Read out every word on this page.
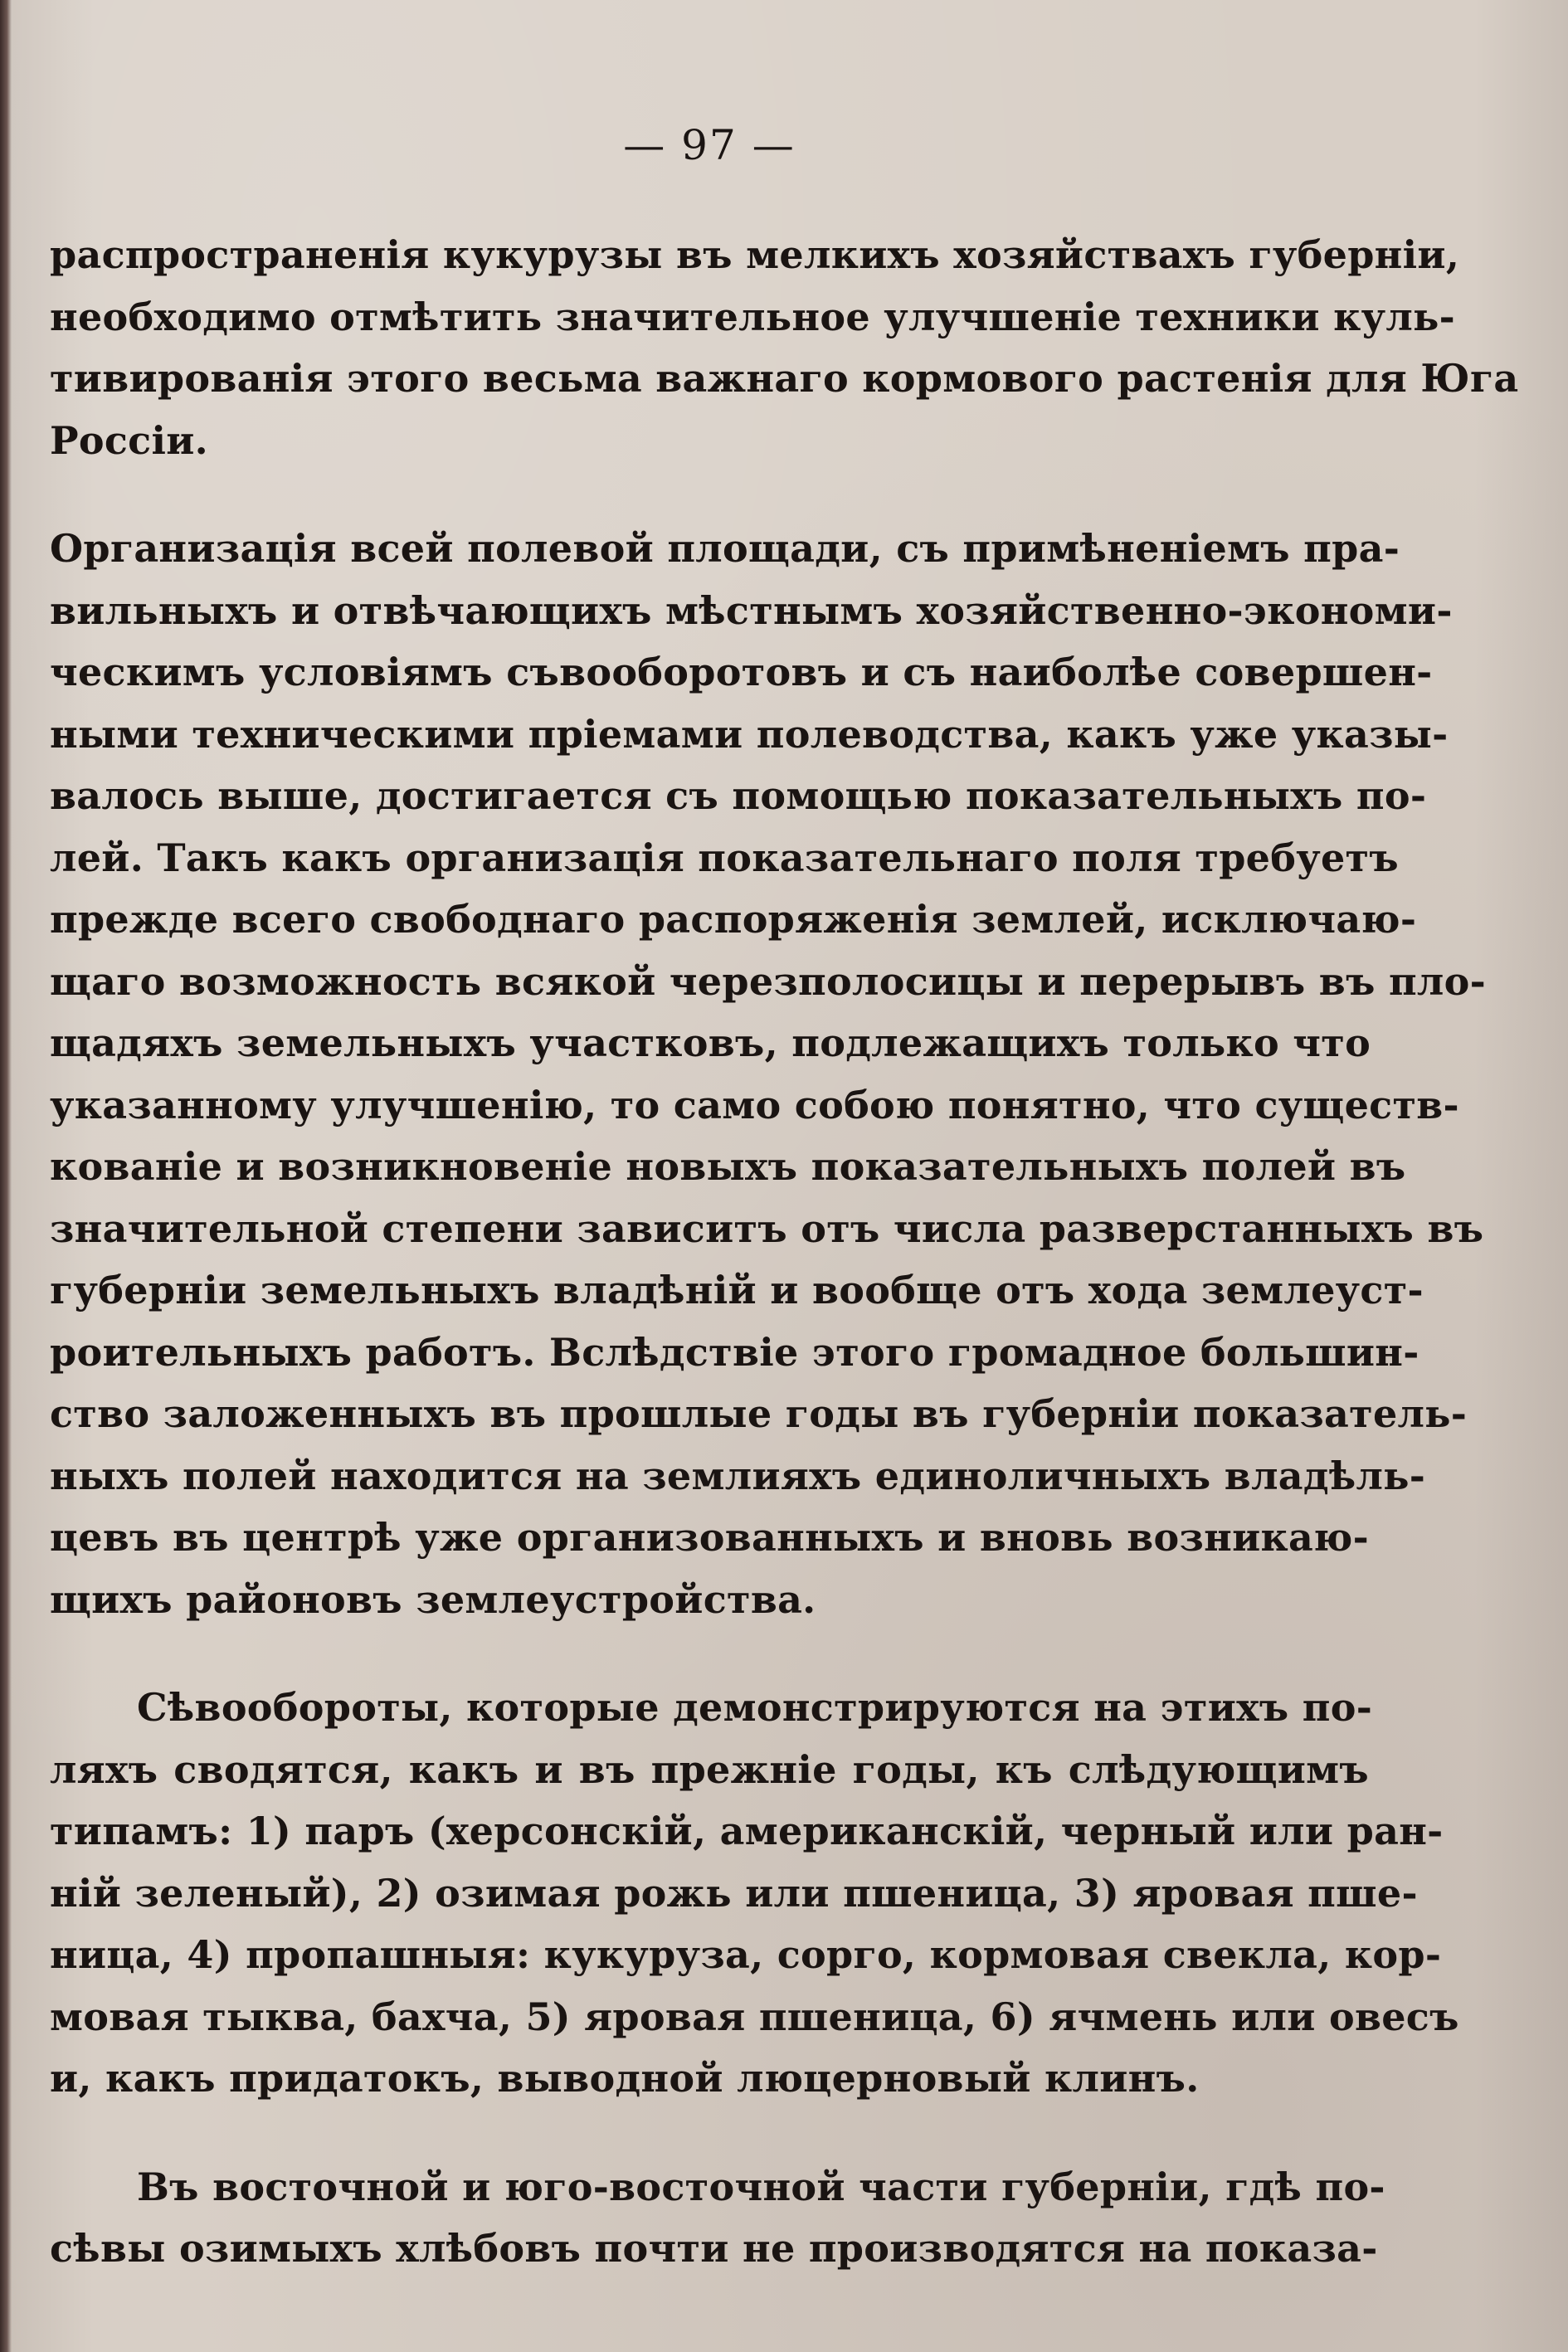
— 97 —

распространенія кукурузы въ мелкихъ хозяйствахъ губерніи,
необходимо отмѣтить значительное улучшеніе техники куль-
тивированія этого весьма важнаго кормового растенія для Юга
Россіи.

Организація всей полевой площади, съ примѣненіемъ пра-
вильныхъ и отвѣчающихъ мѣстнымъ хозяйственно-экономи-
ческимъ условіямъ съвооборотовъ и съ наиболѣе совершен-
ными техническими пріемами полеводства, какъ уже указы-
валось выше, достигается съ помощью показательныхъ по-
лей. Такъ какъ организація показательнаго поля требуетъ
прежде всего свободнаго распоряженія землей, исключаю-
щаго возможность всякой черезполосицы и перерывъ въ пло-
щадяхъ земельныхъ участковъ, подлежащихъ только что
указанному улучшенію, то само собою понятно, что существ-
кованіе и возникновеніе новыхъ показательныхъ полей въ
значительной степени зависитъ отъ числа разверстанныхъ въ
губерніи земельныхъ владѣній и вообще отъ хода землеуст-
роительныхъ работъ. Вслѣдствіе этого громадное большин-
ство заложенныхъ въ прошлые годы въ губерніи показатель-
ныхъ полей находится на землияхъ единоличныхъ владѣль-
цевъ въ центрѣ уже организованныхъ и вновь возникаю-
щихъ районовъ землеустройства.

Сѣвообороты, которые демонстрируются на этихъ по-
ляхъ сводятся, какъ и въ прежніе годы, къ слѣдующимъ
типамъ: 1) паръ (херсонскій, американскій, черный или ран-
ній зеленый), 2) озимая рожь или пшеница, 3) яровая пше-
ница, 4) пропашныя: кукуруза, сорго, кормовая свекла, кор-
мовая тыква, бахча, 5) яровая пшеница, 6) ячмень или овесъ
и, какъ придатокъ, выводной люцерновый клинъ.

Въ восточной и юго-восточной части губерніи, гдѣ по-
сѣвы озимыхъ хлѣбовъ почти не производятся на показа-
